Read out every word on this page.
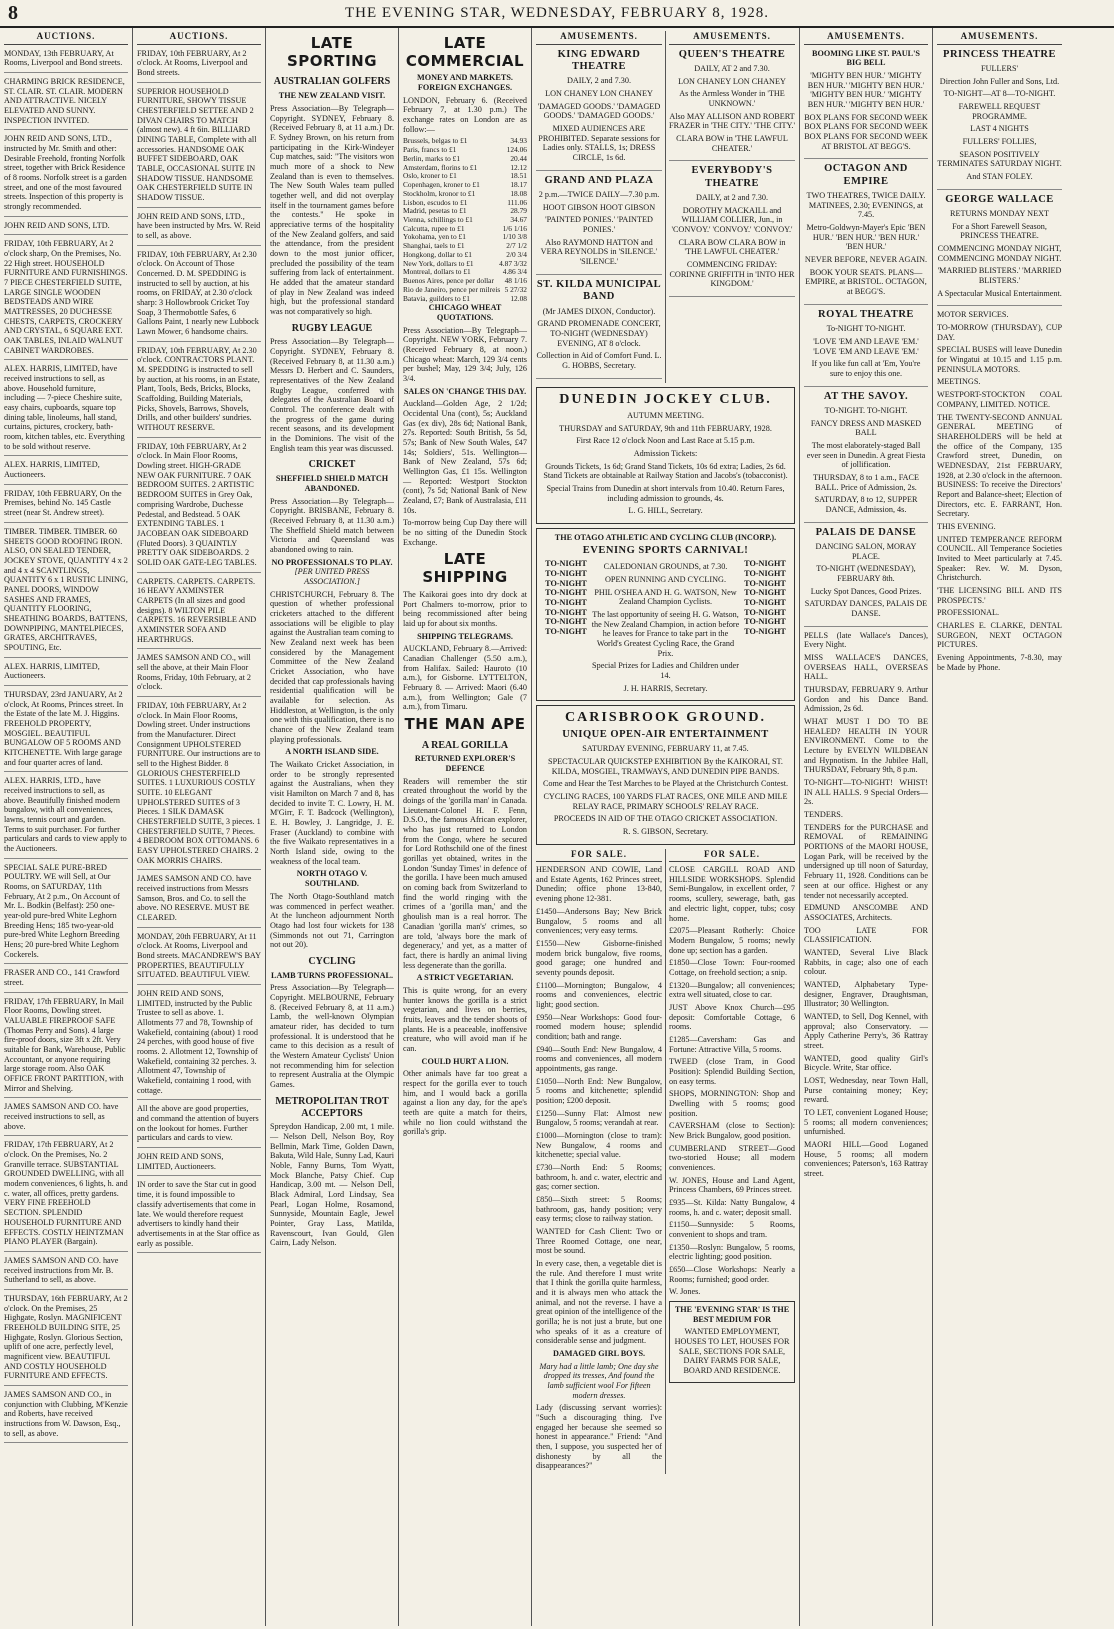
8	THE EVENING STAR, WEDNESDAY, FEBRUARY 8, 1928.
AUCTIONS.
MONDAY, 13th FEBRUARY, At Rooms, Liverpool and Bond streets.
CHARMING BRICK RESIDENCE, ST. CLAIR. ST. CLAIR. MODERN AND ATTRACTIVE. NICELY ELEVATED AND SUNNY. INSPECTION INVITED.
JOHN REID AND SONS, LTD., instructed by Mr. Smith and other: Desirable Freehold, fronting Norfolk street, together with Brick Residence of 8 rooms. Norfolk street is a garden street, and one of the most favoured streets. Inspection of this property is strongly recommended.
JOHN REID AND SONS, LTD.
FRIDAY, 10th FEBRUARY, At 2 o'clock sharp, On the Premises, No. 22 High street. HOUSEHOLD FURNITURE AND FURNISHINGS. 7 PIECE CHESTERFIELD SUITE, LARGE SINGLE WOODEN BEDSTEADS AND WIRE MATTRESSES, 20 DUCHESSE CHESTS, CARPETS, CROCKERY AND CRYSTAL, 6 SQUARE EXT. OAK TABLES, INLAID WALNUT CABINET WARDROBES.
ALEX. HARRIS, LIMITED, have received instructions to sell, as above. Household furniture, including — 7-piece Cheshire suite, easy chairs, cupboards, square top dining table, linoleums, hall stand, curtains, pictures, crockery, bath-room, kitchen tables, etc. Everything to be sold without reserve.
ALEX. HARRIS, LIMITED, Auctioneers.
FRIDAY, 10th FEBRUARY, On the Premises, behind No. 145 Castle street (near St. Andrew street).
TIMBER. TIMBER. TIMBER. 60 SHEETS GOOD ROOFING IRON. ALSO, ON SEALED TENDER, JOCKEY STOVE, QUANTITY 4 x 2 and 4 x 4 SCANTLINGS, QUANTITY 6 x 1 RUSTIC LINING, PANEL DOORS, WINDOW SASHES AND FRAMES, QUANTITY FLOORING, SHEATHING BOARDS, BATTENS, DOWNPIPING, MANTELPIECES, GRATES, ARCHITRAVES, SPOUTING, Etc.
ALEX. HARRIS, LIMITED, Auctioneers.
THURSDAY, 23rd JANUARY, At 2 o'clock, At Rooms, Princes street. In the Estate of the late M. J. Higgins. FREEHOLD PROPERTY, MOSGIEL. BEAUTIFUL BUNGALOW OF 5 ROOMS AND KITCHENETTE. With large garage and four quarter acres of land.
ALEX. HARRIS, LTD., have received instructions to sell, as above. Beautifully finished modern bungalow, with all conveniences, lawns, tennis court and garden. Terms to suit purchaser. For further particulars and cards to view apply to the Auctioneers.
SPECIAL SALE PURE-BRED POULTRY. WE will Sell, at Our Rooms, on SATURDAY, 11th February, At 2 p.m., On Account of Mr. L. Bodkin (Belfast): 250 one-year-old pure-bred White Leghorn Breeding Hens; 185 two-year-old pure-bred White Leghorn Breeding Hens; 20 pure-bred White Leghorn Cockerels.
FRASER AND CO., 141 Crawford street.
FRIDAY, 17th FEBRUARY, In Mail Floor Rooms, Dowling street. VALUABLE FIREPROOF SAFE (Thomas Perry and Sons). 4 large fire-proof doors, size 3ft x 2ft. Very suitable for Bank, Warehouse, Public Accountant, or anyone requiring large storage room. Also OAK OFFICE FRONT PARTITION, with Mirror and Shelving.
JAMES SAMSON AND CO. have received instructions to sell, as above.
FRIDAY, 17th FEBRUARY, At 2 o'clock. On the Premises, No. 2 Granville terrace. SUBSTANTIAL GROUNDED DWELLING, with all modern conveniences, 6 lights, h. and c. water, all offices, pretty gardens. VERY FINE FREEHOLD SECTION. SPLENDID HOUSEHOLD FURNITURE AND EFFECTS. COSTLY HEINTZMAN PIANO PLAYER (Bargain).
JAMES SAMSON AND CO. have received instructions from Mr. B. Sutherland to sell, as above.
THURSDAY, 16th FEBRUARY, At 2 o'clock. On the Premises, 25 Highgate, Roslyn. MAGNIFICENT FREEHOLD BUILDING SITE, 25 Highgate, Roslyn. Glorious Section, uplift of one acre, perfectly level, magnificent view. BEAUTIFUL AND COSTLY HOUSEHOLD FURNITURE AND EFFECTS.
JAMES SAMSON AND CO., in conjunction with Clubbing, M'Kenzie and Roberts, have received instructions from W. Dawson, Esq., to sell, as above.
AUCTIONS.
FRIDAY, 10th FEBRUARY, At 2 o'clock. At Rooms, Liverpool and Bond streets.
SUPERIOR HOUSEHOLD FURNITURE, SHOWY TISSUE CHESTERFIELD SETTEE AND 2 DIVAN CHAIRS TO MATCH (almost new). 4 ft 6in. BILLIARD DINING TABLE, Complete with all accessories. HANDSOME OAK BUFFET SIDEBOARD, OAK TABLE, OCCASIONAL SUITE IN SHADOW TISSUE. HANDSOME OAK CHESTERFIELD SUITE IN SHADOW TISSUE.
JOHN REID AND SONS, LTD., have been instructed by Mrs. W. Reid to sell, as above.
FRIDAY, 10th FEBRUARY, At 2.30 o'clock. On Account of Those Concerned. D. M. SPEDDING is instructed to sell by auction, at his rooms, on FRIDAY, at 2.30 o'clock sharp: 3 Hollowbrook Cricket Toy Soap, 3 Thermobottle Safes, 6 Gallons Paint, 1 nearly new Lubbock Lawn Mower, 6 handsome chairs.
FRIDAY, 10th FEBRUARY, At 2.30 o'clock. CONTRACTORS PLANT. M. SPEDDING is instructed to sell by auction, at his rooms, in an Estate, Plant, Tools, Beds, Bricks, Blocks, Scaffolding, Building Materials, Picks, Shovels, Barrows, Shovels, Drills, and other builders' sundries. WITHOUT RESERVE.
FRIDAY, 10th FEBRUARY, At 2 o'clock. In Main Floor Rooms, Dowling street. HIGH-GRADE NEW OAK FURNITURE. 7 OAK BEDROOM SUITES. 2 ARTISTIC BEDROOM SUITES in Grey Oak, comprising Wardrobe, Duchesse Pedestal, and Bedstead. 5 OAK EXTENDING TABLES. 1 JACOBEAN OAK SIDEBOARD (Fluted Doors). 3 QUAINTLY PRETTY OAK SIDEBOARDS. 2 SOLID OAK GATE-LEG TABLES.
CARPETS. CARPETS. CARPETS. 16 HEAVY AXMINSTER CARPETS (In all sizes and good designs). 8 WILTON PILE CARPETS. 16 REVERSIBLE AND AXMINSTER SOFA AND HEARTHRUGS.
JAMES SAMSON AND CO., will sell the above, at their Main Floor Rooms, Friday, 10th February, at 2 o'clock.
FRIDAY, 10th FEBRUARY, At 2 o'clock. In Main Floor Rooms, Dowling street. Under instructions from the Manufacturer. Direct Consignment UPHOLSTERED FURNITURE. Our instructions are to sell to the Highest Bidder. 8 GLORIOUS CHESTERFIELD SUITES. 1 LUXURIOUS COSTLY SUITE. 10 ELEGANT UPHOLSTERED SUITES of 3 Pieces. 1 SILK DAMASK CHESTERFIELD SUITE, 3 pieces. 1 CHESTERFIELD SUITE, 7 Pieces. 4 BEDROOM BOX OTTOMANS. 6 EASY UPHOLSTERED CHAIRS. 2 OAK MORRIS CHAIRS.
JAMES SAMSON AND CO. have received instructions from Messrs Samson, Bros. and Co. to sell the above. NO RESERVE. MUST BE CLEARED.
MONDAY, 20th FEBRUARY, At 11 o'clock. At Rooms, Liverpool and Bond streets. MACANDREW'S BAY PROPERTIES, BEAUTIFULLY SITUATED. BEAUTIFUL VIEW.
JOHN REID AND SONS, LIMITED, instructed by the Public Trustee to sell as above. 1. Allotments 77 and 78, Township of Wakefield, containing (about) 1 rood 24 perches, with good house of five rooms. 2. Allotment 12, Township of Wakefield, containing 32 perches. 3. Allotment 47, Township of Wakefield, containing 1 rood, with cottage.
All the above are good properties, and command the attention of buyers on the lookout for homes. Further particulars and cards to view.
JOHN REID AND SONS, LIMITED, Auctioneers.
IN order to save the Star cut in good time, it is found impossible to classify advertisements that come in late. We would therefore request advertisers to kindly hand their advertisements in at the Star office as early as possible.
LATE SPORTING
AUSTRALIAN GOLFERS
THE NEW ZEALAND VISIT.
Press Association—By Telegraph—Copyright. SYDNEY, February 8. (Received February 8, at 11 a.m.) Dr. F. Sydney Brown, on his return from participating in the Kirk-Windeyer Cup matches, said: "The visitors won much more of a shock to New Zealand than is even to themselves. The New South Wales team pulled together well, and did not overplay itself in the tournament games before the contests." He spoke in appreciative terms of the hospitality of the New Zealand golfers, and said the attendance, from the president down to the most junior officer, precluded the possibility of the team suffering from lack of entertainment. He added that the amateur standard of play in New Zealand was indeed high, but the professional standard was not comparatively so high.
RUGBY LEAGUE
Press Association—By Telegraph—Copyright. SYDNEY, February 8. (Received February 8, at 11.30 a.m.) Messrs D. Herbert and C. Saunders, representatives of the New Zealand Rugby League, conferred with delegates of the Australian Board of Control. The conference dealt with the progress of the game during recent seasons, and its development in the Dominions. The visit of the English team this year was discussed.
CRICKET
SHEFFIELD SHIELD MATCH ABANDONED.
Press Association—By Telegraph—Copyright. BRISBANE, February 8. (Received February 8, at 11.30 a.m.) The Sheffield Shield match between Victoria and Queensland was abandoned owing to rain.
NO PROFESSIONALS TO PLAY.
[PER UNITED PRESS ASSOCIATION.]
CHRISTCHURCH, February 8. The question of whether professional cricketers attached to the different associations will be eligible to play against the Australian team coming to New Zealand next week has been considered by the Management Committee of the New Zealand Cricket Association, who have decided that cap professionals having residential qualification will be available for selection. As Hiddleston, at Wellington, is the only one with this qualification, there is no chance of the New Zealand team playing professionals.
A NORTH ISLAND SIDE.
The Waikato Cricket Association, in order to be strongly represented against the Australians, when they visit Hamilton on March 7 and 8, has decided to invite T. C. Lowry, H. M. M'Girr, F. T. Badcock (Wellington), E. H. Bowley, J. Langridge, J. E. Fraser (Auckland) to combine with the five Waikato representatives in a North Island side, owing to the weakness of the local team.
NORTH OTAGO V. SOUTHLAND.
The North Otago-Southland match was commenced in perfect weather. At the luncheon adjournment North Otago had lost four wickets for 138 (Simmonds not out 71, Carrington not out 20).
CYCLING
LAMB TURNS PROFESSIONAL.
Press Association—By Telegraph—Copyright. MELBOURNE, February 8. (Received February 8, at 11 a.m.) Lamb, the well-known Olympian amateur rider, has decided to turn professional. It is understood that he came to this decision as a result of the Western Amateur Cyclists' Union not recommending him for selection to represent Australia at the Olympic Games.
METROPOLITAN TROT ACCEPTORS
Spreydon Handicap, 2.00 mt, 1 mile. — Nelson Dell, Nelson Boy, Roy Bellmin, Mark Time, Golden Dawn, Bakuta, Wild Hale, Sunny Lad, Kauri Noble, Fanny Burns, Tom Wyatt, Mock Blanche, Patsy Chief. Cup Handicap, 3.00 mt. — Nelson Dell, Black Admiral, Lord Lindsay, Sea Pearl, Logan Holme, Rosamond, Sunnyside, Mountain Eagle, Jewel Pointer, Gray Lass, Matilda, Ravenscourt, Ivan Gould, Glen Cairn, Lady Nelson.
LATE COMMERCIAL
MONEY AND MARKETS. FOREIGN EXCHANGES.
LONDON, February 6. (Received February 7, at 1.30 p.m.) The exchange rates on London are as follow:—
Brussels, belgas to £1	34.93
Paris, francs to £1	124.06
Berlin, marks to £1	20.44
Amsterdam, florins to £1	12.12
Oslo, kroner to £1	18.51
Copenhagen, kroner to £1	18.17
Stockholm, kronor to £1	18.08
Lisbon, escudos to £1	111.06
Madrid, pesetas to £1	28.79
Vienna, schillings to £1	34.67
Calcutta, rupee to £1	1/6 1/16
Yokohama, yen to £1	1/10 3/8
Shanghai, taels to £1	2/7 1/2
Hongkong, dollar to £1	2/0 3/4
New York, dollars to £1	4.87 3/32
Montreal, dollars to £1	4.86 3/4
Buenos Aires, pence per dollar	48 1/16
Rio de Janeiro, pence per milreis 5 27/32
Batavia, guilders to £1	12.08
CHICAGO WHEAT QUOTATIONS.
Press Association—By Telegraph—Copyright. NEW YORK, February 7. (Received February 8, at noon.) Chicago wheat: March, 129 3/4 cents per bushel; May, 129 3/4; July, 126 3/4.
SALES ON 'CHANGE THIS DAY.
Auckland—Golden Age, 2 1/2d; Occidental Una (cont), 5s; Auckland Gas (ex div), 28s 6d; National Bank, 27s. Reported: South British, 5s 5d, 57s; Bank of New South Wales, £47 14s; Soldiers', 51s. Wellington—Bank of New Zealand, 57s 6d; Wellington Gas, £1 15s. Wellington — Reported: Westport Stockton (cont), 7s 5d; National Bank of New Zealand, £7; Bank of Australasia, £11 10s.
To-morrow being Cup Day there will be no sitting of the Dunedin Stock Exchange.
LATE SHIPPING
The Kaikorai goes into dry dock at Port Chalmers to-morrow, prior to being recommissioned after being laid up for about six months.
SHIPPING TELEGRAMS.
AUCKLAND, February 8.—Arrived: Canadian Challenger (5.50 a.m.), from Halifax. Sailed: Hauroto (10 a.m.), for Gisborne. LYTTELTON, February 8. — Arrived: Maori (6.40 a.m.), from Wellington; Gale (7 a.m.), from Timaru.
THE MAN APE
A REAL GORILLA
RETURNED EXPLORER'S DEFENCE
Readers will remember the stir created throughout the world by the doings of the 'gorilla man' in Canada. Lieutenant-Colonel H. F. Fenn, D.S.O., the famous African explorer, who has just returned to London from the Congo, where he secured for Lord Rothschild one of the finest gorillas yet obtained, writes in the London 'Sunday Times' in defence of the gorilla. I have been much amused on coming back from Switzerland to find the world ringing with the crimes of a 'gorilla man,' and the ghoulish man is a real horror. The Canadian 'gorilla man's' crimes, so are told, 'always bore the mark of degeneracy,' and yet, as a matter of fact, there is hardly an animal living less degenerate than the gorilla.
A STRICT VEGETARIAN.
This is quite wrong, for an every hunter knows the gorilla is a strict vegetarian, and lives on berries, fruits, leaves and the tender shoots of plants. He is a peaceable, inoffensive creature, who will avoid man if he can.
COULD HURT A LION.
Other animals have far too great a respect for the gorilla ever to touch him, and I would back a gorilla against a lion any day, for the ape's teeth are quite a match for theirs, while no lion could withstand the gorilla's grip.
AMUSEMENTS.
KING EDWARD THEATRE
DAILY, 2 and 7.30.
LON CHANEY LON CHANEY
'DAMAGED GOODS.' 'DAMAGED GOODS.' 'DAMAGED GOODS.'
MIXED AUDIENCES ARE PROHIBITED. Separate sessions for Ladies only. STALLS, 1s; DRESS CIRCLE, 1s 6d.
GRAND AND PLAZA
2 p.m.—TWICE DAILY—7.30 p.m.
HOOT GIBSON HOOT GIBSON
'PAINTED PONIES.' 'PAINTED PONIES.'
Also RAYMOND HATTON and VERA REYNOLDS in 'SILENCE.' 'SILENCE.'
ST. KILDA MUNICIPAL BAND
(Mr JAMES DIXON, Conductor).
GRAND PROMENADE CONCERT, TO-NIGHT (WEDNESDAY) EVENING, AT 8 o'clock.
Collection in Aid of Comfort Fund. L. G. HOBBS, Secretary.
AMUSEMENTS.
QUEEN'S THEATRE
DAILY, AT 2 and 7.30.
LON CHANEY LON CHANEY
As the Armless Wonder in 'THE UNKNOWN.'
Also MAY ALLISON AND ROBERT FRAZER in 'THE CITY.' 'THE CITY.'
CLARA BOW in 'THE LAWFUL CHEATER.'
EVERYBODY'S THEATRE
DAILY, at 2 and 7.30.
DOROTHY MACKAILL and WILLIAM COLLIER, Jun., in 'CONVOY.' 'CONVOY.' 'CONVOY.'
CLARA BOW CLARA BOW in 'THE LAWFUL CHEATER.'
COMMENCING FRIDAY: CORINNE GRIFFITH in 'INTO HER KINGDOM.'
DUNEDIN JOCKEY CLUB.
AUTUMN MEETING.
THURSDAY and SATURDAY, 9th and 11th FEBRUARY, 1928.
First Race 12 o'clock Noon and Last Race at 5.15 p.m.
Admission Tickets:
Grounds Tickets, 1s 6d; Grand Stand Tickets, 10s 6d extra; Ladies, 2s 6d. Stand Tickets are obtainable at Railway Station and Jacobs's (tobacconist).
Special Trains from Dunedin at short intervals from 10.40. Return Fares, including admission to grounds, 4s.
L. G. HILL, Secretary.
THE OTAGO ATHLETIC AND CYCLING CLUB (INCORP.).
EVENING SPORTS CARNIVAL!
TO-NIGHT
TO-NIGHT
TO-NIGHT
TO-NIGHT
TO-NIGHT
TO-NIGHT
TO-NIGHT
TO-NIGHT
CALEDONIAN GROUNDS, at 7.30.
OPEN RUNNING AND CYCLING.
PHIL O'SHEA AND H. G. WATSON, New Zealand Champion Cyclists.
The last opportunity of seeing H. G. Watson, the New Zealand Champion, in action before he leaves for France to take part in the World's Greatest Cycling Race, the Grand Prix.
Special Prizes for Ladies and Children under 14.
J. H. HARRIS, Secretary.
TO-NIGHT
TO-NIGHT
TO-NIGHT
TO-NIGHT
TO-NIGHT
TO-NIGHT
TO-NIGHT
TO-NIGHT
CARISBROOK GROUND.
UNIQUE OPEN-AIR ENTERTAINMENT
SATURDAY EVENING, FEBRUARY 11, at 7.45.
SPECTACULAR QUICKSTEP EXHIBITION By the KAIKORAI, ST. KILDA, MOSGIEL, TRAMWAYS, AND DUNEDIN PIPE BANDS.
Come and Hear the Test Marches to be Played at the Christchurch Contest.
CYCLING RACES, 100 YARDS FLAT RACES, ONE MILE AND MILE RELAY RACE, PRIMARY SCHOOLS' RELAY RACE.
PROCEEDS IN AID OF THE OTAGO CRICKET ASSOCIATION.
R. S. GIBSON, Secretary.
FOR SALE.
HENDERSON AND COWIE, Land and Estate Agents, 162 Princes street, Dunedin; office phone 13-840, evening phone 12-381.
£1450—Andersons Bay; New Brick Bungalow, 5 rooms and all conveniences; very easy terms.
£1550—New Gisborne-finished modern brick bungalow, five rooms, good garage; one hundred and seventy pounds deposit.
£1100—Mornington; Bungalow, 4 rooms and conveniences, electric light; good section.
£950—Near Workshops: Good four-roomed modern house; splendid condition; bath and range.
£940—South End: New Bungalow, 4 rooms and conveniences, all modern appointments, gas range.
£1050—North End: New Bungalow, 5 rooms and kitchenette; splendid position; £200 deposit.
£1250—Sunny Flat: Almost new Bungalow, 5 rooms; verandah at rear.
£1000—Mornington (close to tram): New Bungalow, 4 rooms and kitchenette; special value.
£730—North End: 5 Rooms; bathroom, h. and c. water, electric and gas; corner section.
£850—Sixth street: 5 Rooms; bathroom, gas, handy position; very easy terms; close to railway station.
WANTED for Cash Client: Two or Three Roomed Cottage, one near, most be sound.
In every case, then, a vegetable diet is the rule. And therefore I must write that I think the gorilla quite harmless, and it is always men who attack the animal, and not the reverse. I have a great opinion of the intelligence of the gorilla; he is not just a brute, but one who speaks of it as a creature of considerable sense and judgment.
DAMAGED GIRL BOYS.
Mary had a little lamb; One day she dropped its tresses, And found the lamb sufficient wool For fifteen modern dresses.
Lady (discussing servant worries): "Such a discouraging thing. I've engaged her because she seemed so honest in appearance." Friend: "And then, I suppose, you suspected her of dishonesty by all the disappearances?"
FOR SALE.
CLOSE CARGILL ROAD AND HILLSIDE WORKSHOPS. Splendid Semi-Bungalow, in excellent order, 7 rooms, scullery, sewerage, bath, gas and electric light, copper, tubs; cosy home.
£2075—Pleasant Rotherly: Choice Modern Bungalow, 5 rooms; newly done up; section has a garden.
£1850—Close Town: Four-roomed Cottage, on freehold section; a snip.
£1320—Bungalow; all conveniences; extra well situated, close to car.
JUST Above Knox Church—£95 deposit: Comfortable Cottage, 6 rooms.
£1285—Caversham: Gas and Fortune: Attractive Villa, 5 rooms.
TWEED (close Tram, in Good Position): Splendid Building Section, on easy terms.
SHOPS, MORNINGTON: Shop and Dwelling with 5 rooms; good position.
CAVERSHAM (close to Section): New Brick Bungalow, good position.
CUMBERLAND STREET—Good two-storied House; all modern conveniences.
W. JONES, House and Land Agent, Princess Chambers, 69 Princes street.
£935—St. Kilda: Natty Bungalow, 4 rooms, h. and c. water; deposit small.
£1150—Sunnyside: 5 Rooms, convenient to shops and tram.
£1350—Roslyn: Bungalow, 5 rooms, electric lighting; good position.
£650—Close Workshops: Nearly a Rooms; furnished; good order.
W. Jones.
THE 'EVENING STAR' IS THE BEST MEDIUM FOR
WANTED EMPLOYMENT, HOUSES TO LET, HOUSES FOR SALE, SECTIONS FOR SALE, DAIRY FARMS FOR SALE, BOARD AND RESIDENCE.
AMUSEMENTS.
BOOMING LIKE ST. PAUL'S BIG BELL
'MIGHTY BEN HUR.' 'MIGHTY BEN HUR.' 'MIGHTY BEN HUR.' 'MIGHTY BEN HUR.' 'MIGHTY BEN HUR.' 'MIGHTY BEN HUR.'
BOX PLANS FOR SECOND WEEK BOX PLANS FOR SECOND WEEK BOX PLANS FOR SECOND WEEK AT BRISTOL AT BEGG'S.
OCTAGON AND EMPIRE
TWO THEATRES, TWICE DAILY. MATINEES, 2.30; EVENINGS, at 7.45.
Metro-Goldwyn-Mayer's Epic 'BEN HUR.' 'BEN HUR.' 'BEN HUR.' 'BEN HUR.'
NEVER BEFORE, NEVER AGAIN.
BOOK YOUR SEATS. PLANS— EMPIRE, at BRISTOL. OCTAGON, at BEGG'S.
ROYAL THEATRE
To-NIGHT TO-NIGHT.
'LOVE 'EM AND LEAVE 'EM.' 'LOVE 'EM AND LEAVE 'EM.'
If you like fun call at 'Em, You're sure to enjoy this one.
AT THE SAVOY.
TO-NIGHT. TO-NIGHT.
FANCY DRESS AND MASKED BALL
The most elaborately-staged Ball ever seen in Dunedin. A great Fiesta of jollification.
THURSDAY, 8 to 1 a.m., FACE BALL. Price of Admission, 2s.
SATURDAY, 8 to 12, SUPPER DANCE, Admission, 4s.
PALAIS DE DANSE
DANCING SALON, MORAY PLACE.
TO-NIGHT (WEDNESDAY), FEBRUARY 8th.
Lucky Spot Dances, Good Prizes.
SATURDAY DANCES, PALAIS DE DANSE.
PELLS (late Wallace's Dances), Every Night.
MISS WALLACE'S DANCES, OVERSEAS HALL, OVERSEAS HALL.
THURSDAY, FEBRUARY 9. Arthur Gordon and his Dance Band. Admission, 2s 6d.
WHAT MUST I DO TO BE HEALED? HEALTH IN YOUR ENVIRONMENT. Come to the Lecture by EVELYN WILDBEAN and Hypnotism. In the Jubilee Hall, THURSDAY, February 9th, 8 p.m.
TO-NIGHT—TO-NIGHT! WHIST! IN ALL HALLS. 9 Special Orders—2s.
TENDERS.
TENDERS for the PURCHASE and REMOVAL of REMAINING PORTIONS of the MAORI HOUSE, Logan Park, will be received by the undersigned up till noon of Saturday, February 11, 1928. Conditions can be seen at our office. Highest or any tender not necessarily accepted.
EDMUND ANSCOMBE AND ASSOCIATES, Architects.
TOO LATE FOR CLASSIFICATION.
WANTED, Several Live Black Rabbits, in cage; also one of each colour.
WANTED, Alphabetary Type-designer, Engraver, Draughtsman, Illustrator; 30 Wellington.
WANTED, to Sell, Dog Kennel, with approval; also Conservatory. — Apply Catherine Perry's, 36 Rattray street.
WANTED, good quality Girl's Bicycle. Write, Star office.
LOST, Wednesday, near Town Hall, Purse containing money; Key; reward.
TO LET, convenient Loganed House; 5 rooms; all modern conveniences; unfurnished.
MAORI HILL—Good Loganed House, 5 rooms; all modern conveniences; Paterson's, 163 Rattray street.
AMUSEMENTS.
PRINCESS THEATRE
FULLERS'
Direction John Fuller and Sons, Ltd.
TO-NIGHT—AT 8—TO-NIGHT.
FAREWELL REQUEST PROGRAMME.
LAST 4 NIGHTS
FULLERS' FOLLIES,
SEASON POSITIVELY TERMINATES SATURDAY NIGHT.
And STAN FOLEY.
GEORGE WALLACE
RETURNS MONDAY NEXT
For a Short Farewell Season, PRINCESS THEATRE.
COMMENCING MONDAY NIGHT, COMMENCING MONDAY NIGHT.
'MARRIED BLISTERS.' 'MARRIED BLISTERS.'
A Spectacular Musical Entertainment.
MOTOR SERVICES.
TO-MORROW (THURSDAY), CUP DAY.
SPECIAL BUSES will leave Dunedin for Wingatui at 10.15 and 1.15 p.m. PENINSULA MOTORS.
MEETINGS.
WESTPORT-STOCKTON COAL COMPANY, LIMITED. NOTICE.
THE TWENTY-SECOND ANNUAL GENERAL MEETING of SHAREHOLDERS will be held at the office of the Company, 135 Crawford street, Dunedin, on WEDNESDAY, 21st FEBRUARY, 1928, at 2.30 o'clock in the afternoon. BUSINESS: To receive the Directors' Report and Balance-sheet; Election of Directors, etc. E. FARRANT, Hon. Secretary.
THIS EVENING.
UNITED TEMPERANCE REFORM COUNCIL. All Temperance Societies Invited to Meet particularly at 7.45. Speaker: Rev. W. M. Dyson, Christchurch.
'THE LICENSING BILL AND ITS PROSPECTS.'
PROFESSIONAL.
CHARLES E. CLARKE, DENTAL SURGEON, NEXT OCTAGON PICTURES.
Evening Appointments, 7-8.30, may be Made by Phone.
